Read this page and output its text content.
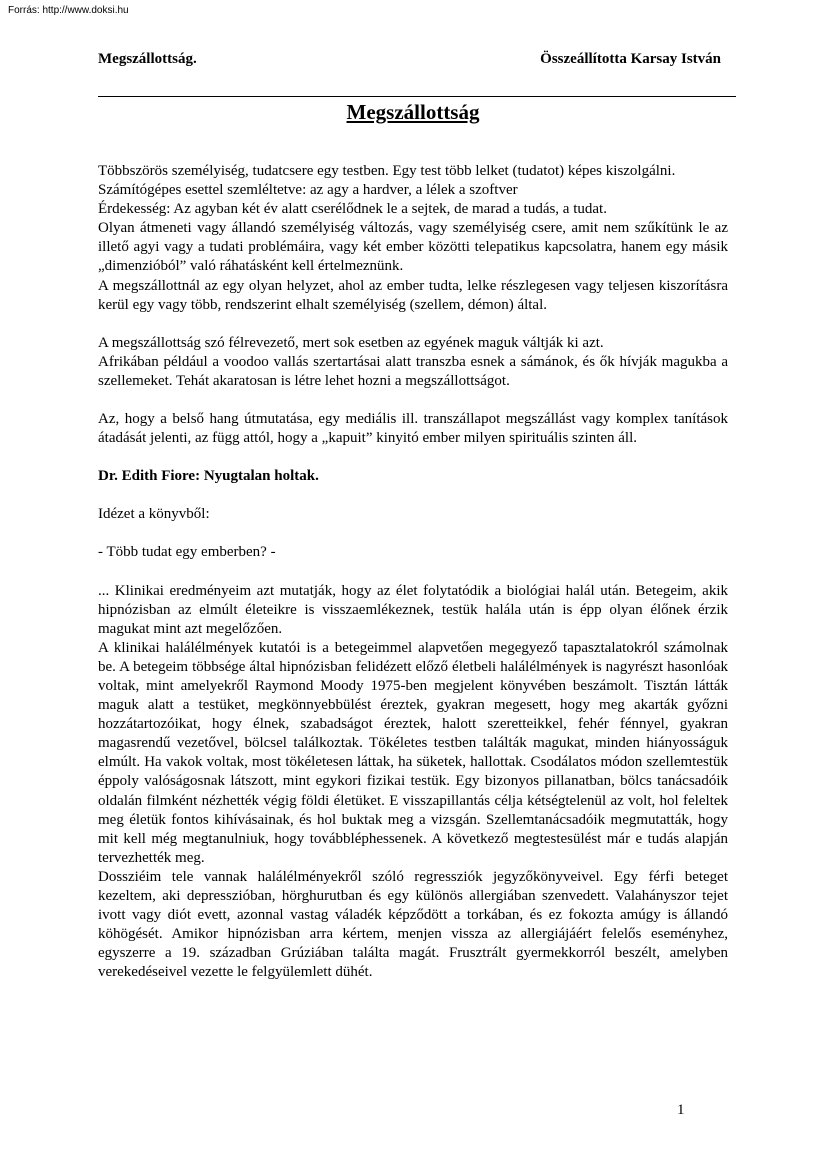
Forrás: http://www.doksi.hu
Megszállottság.	Összeállította Karsay István
Megszállottság

Többszörös személyiség, tudatcsere egy testben. Egy test több lelket (tudatot) képes kiszolgálni.

Számítógépes esettel szemléltetve: az agy a hardver, a lélek a szoftver

Érdekesség: Az agyban két év alatt cserélődnek le a sejtek, de marad a tudás, a tudat.

Olyan átmeneti vagy állandó személyiség változás, vagy személyiség csere, amit nem szűkítünk le az illető agyi vagy a tudati problémáira, vagy két ember közötti telepatikus kapcsolatra, hanem egy másik „dimenzióból” való ráhatásként kell értelmeznünk.

A megszállottnál az egy olyan helyzet, ahol az ember tudta, lelke részlegesen vagy teljesen kiszorításra kerül egy vagy több, rendszerint elhalt személyiség (szellem, démon) által.

A megszállottság szó félrevezető, mert sok esetben az egyének maguk váltják ki azt.

Afrikában például a voodoo vallás szertartásai alatt transzba esnek a sámánok, és ők hívják magukba a szellemeket. Tehát akaratosan is létre lehet hozni a megszállottságot.

Az, hogy a belső hang útmutatása, egy mediális ill. transzállapot megszállást vagy komplex tanítások átadását jelenti, az függ attól, hogy a „kapuit” kinyitó ember milyen spirituális szinten áll.

Dr. Edith Fiore: Nyugtalan holtak.

Idézet a könyvből:

- Több tudat egy emberben? -

... Klinikai eredményeim azt mutatják, hogy az élet folytatódik a biológiai halál után. Betegeim, akik hipnózisban az elmúlt életeikre is visszaemlékeznek, testük halála után is épp olyan élőnek érzik magukat mint azt megelőzően.

A klinikai halálélmények kutatói is a betegeimmel alapvetően megegyező tapasztalatokról számolnak be. A betegeim többsége által hipnózisban felidézett előző életbeli halálélmények is nagyrészt hasonlóak voltak, mint amelyekről Raymond Moody 1975-ben megjelent könyvében beszámolt. Tisztán látták maguk alatt a testüket, megkönnyebbülést éreztek, gyakran megesett, hogy meg akarták győzni hozzátartozóikat, hogy élnek, szabadságot éreztek, halott szeretteikkel, fehér fénnyel, gyakran magasrendű vezetővel, bölcsel találkoztak. Tökéletes testben találták magukat, minden hiányosságuk elmúlt. Ha vakok voltak, most tökéletesen láttak, ha süketek, hallottak. Csodálatos módon szellemtestük éppoly valóságosnak látszott, mint egykori fizikai testük. Egy bizonyos pillanatban, bölcs tanácsadóik oldalán filmként nézhették végig földi életüket. E visszapillantás célja kétségtelenül az volt, hol feleltek meg életük fontos kihívásainak, és hol buktak meg a vizsgán. Szellemtanácsadóik megmutatták, hogy mit kell még megtanulniuk, hogy továbbléphessenek. A következő megtestesülést már e tudás alapján tervezhették meg.

Dossziéim tele vannak halálélményekről szóló regressziók jegyzőkönyveivel. Egy férfi beteget kezeltem, aki depresszióban, hörghurutban és egy különös allergiában szenvedett. Valahányszor tejet ivott vagy diót evett, azonnal vastag váladék képződött a torkában, és ez fokozta amúgy is állandó köhögését. Amikor hipnózisban arra kértem, menjen vissza az allergiájáért felelős eseményhez, egyszerre a 19. században Grúziában találta magát. Frusztrált gyermekkorról beszélt, amelyben verekedéseivel vezette le felgyülemlett dühét.

1
